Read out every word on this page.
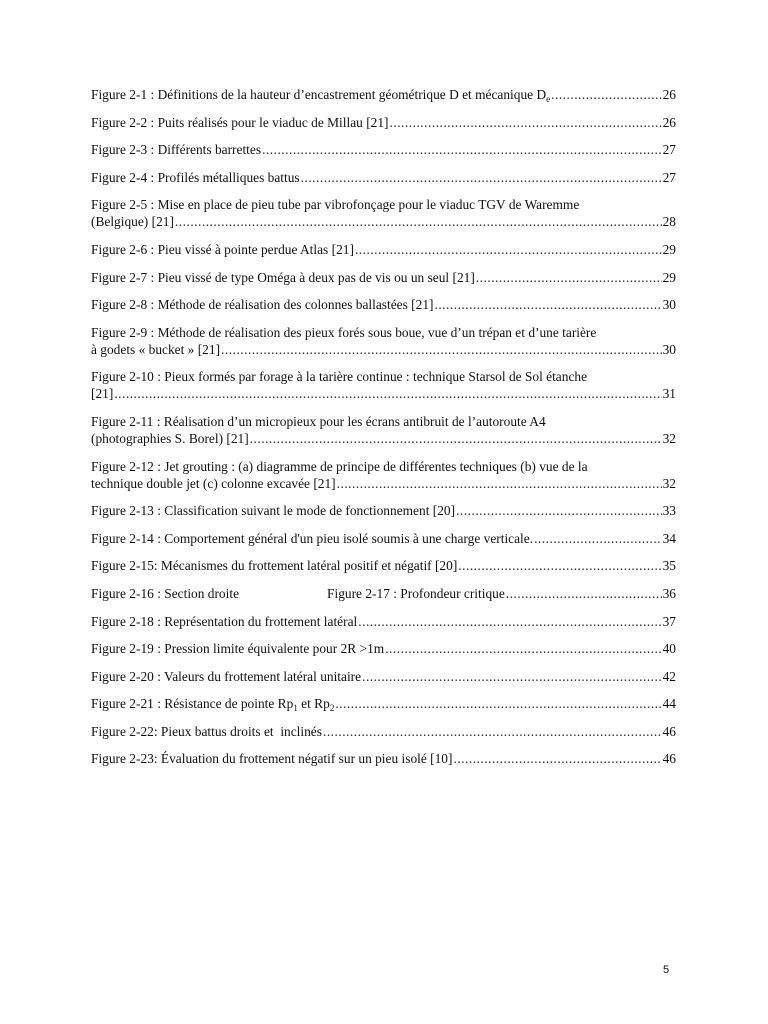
Figure 2-1 : Définitions de la hauteur d’encastrement géométrique D et mécanique $D_e$ .....	26
Figure 2-2 : Puits réalisés pour le viaduc de Millau [21] .....	26
Figure 2-3 : Différents barrettes .....	27
Figure 2-4 : Profilés métalliques battus .....	27
Figure 2-5 : Mise en place de pieu tube par vibrofonçage pour le viaduc TGV de Waremme
(Belgique) [21] .....	28
Figure 2-6 : Pieu vissé à pointe perdue Atlas [21] .....	29
Figure 2-7 : Pieu vissé de type Oméga à deux pas de vis ou un seul [21] .....	29
Figure 2-8 : Méthode de réalisation des colonnes ballastées [21] .....	30
Figure 2-9 : Méthode de réalisation des pieux forés sous boue, vue d’un trépan et d’une tarière
à godets « bucket » [21] .....	30
Figure 2-10 : Pieux formés par forage à la tarière continue : technique Starsol de Sol étanche
[21] .....	31
Figure 2-11 : Réalisation d’un micropieux pour les écrans antibruit de l’autoroute A4
(photographies S. Borel) [21] .....	32
Figure 2-12 : Jet grouting : (a) diagramme de principe de différentes techniques (b) vue de la
technique double jet (c) colonne excavée [21] .....	32
Figure 2-13 : Classification suivant le mode de fonctionnement [20] .....	33
Figure 2-14 : Comportement général d'un pieu isolé soumis à une charge verticale. .....	34
Figure 2-15: Mécanismes du frottement latéral positif et négatif [20] .....	35
Figure 2-16 : Section droite	Figure 2-17 : Profondeur critique .....	36
Figure 2-18 : Représentation du frottement latéral .....	37
Figure 2-19 : Pression limite équivalente pour 2R >1m .....	40
Figure 2-20 : Valeurs du frottement latéral unitaire .....	42
Figure 2-21 : Résistance de pointe $Rp_1$ et $Rp_2$ .....	44
Figure 2-22: Pieux battus droits et  inclinés .....	46
Figure 2-23: Évaluation du frottement négatif sur un pieu isolé [10] .....	46
5
